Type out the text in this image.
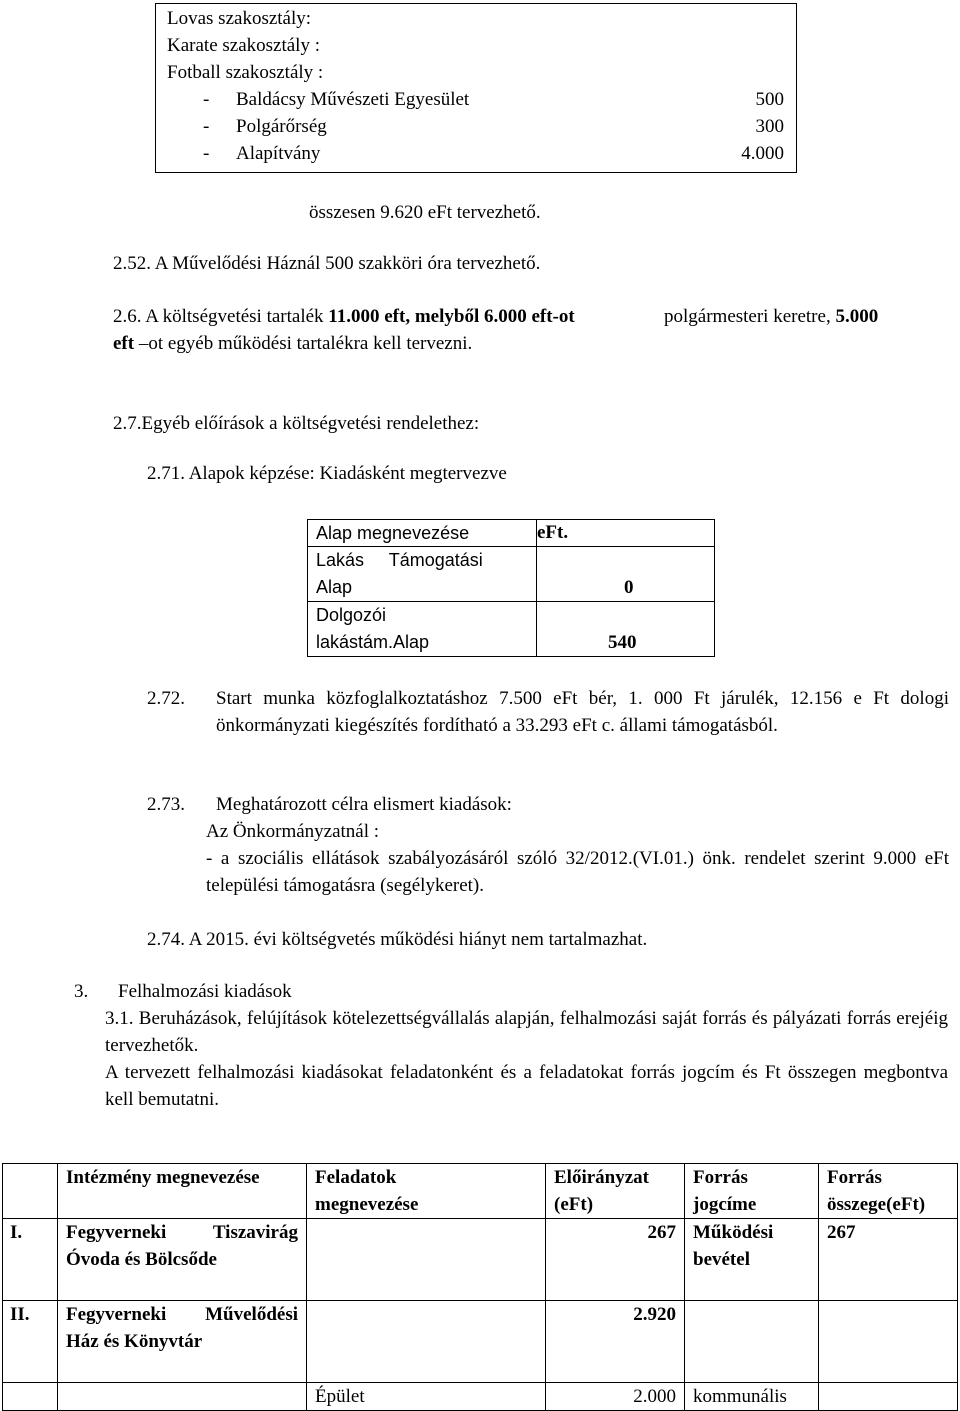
Lovas szakosztály:
Karate szakosztály :
Fotball szakosztály :
- Baldácsy Művészeti Egyesület	500
- Polgárőrség	300
- Alapítvány	4.000
összesen 9.620 eFt tervezhető.
2.52. A Művelődési Háznál 500 szakköri óra tervezhető.
2.6. A költségvetési tartalék 11.000 eft, melyből 6.000 eft-ot	polgármesteri keretre, 5.000
eft –ot egyéb működési tartalékra kell tervezni.
2.7.Egyéb előírások a költségvetési rendelethez:
2.71. Alapok képzése: Kiadásként megtervezve
Alap megnevezése	eFt.

Lakás     Támogatási
Alap	0

Dolgozói
lakástám.Alap	540
2.72. Start munka közfoglalkoztatáshoz 7.500 eFt bér, 1. 000 Ft járulék, 12.156 e Ft dologi önkormányzati kiegészítés fordítható a 33.293 eFt c. állami támogatásból.
2.73. Meghatározott célra elismert kiadások:
Az Önkormányzatnál :
- a szociális ellátások szabályozásáról szóló 32/2012.(VI.01.) önk. rendelet szerint 9.000 eFt települési támogatásra (segélykeret).
2.74. A 2015. évi költségvetés működési hiányt nem tartalmazhat.
3. Felhalmozási kiadások
3.1. Beruházások, felújítások kötelezettségvállalás alapján, felhalmozási saját forrás és pályázati forrás erejéig tervezhetők.
A tervezett felhalmozási kiadásokat feladatonként és a feladatokat forrás jogcím és Ft összegen megbontva kell bemutatni.

	Intézmény megnevezése	Feladatok megnevezése	Előirányzat (eFt)	Forrás jogcíme	Forrás összege(eFt)

I.	Fegyverneki Tiszavirág Óvoda és Bölcsőde		267	Működési bevétel	267

II.	Fegyverneki Művelődési Ház és Könyvtár		2.920		

		Épület	2.000	kommunális	
